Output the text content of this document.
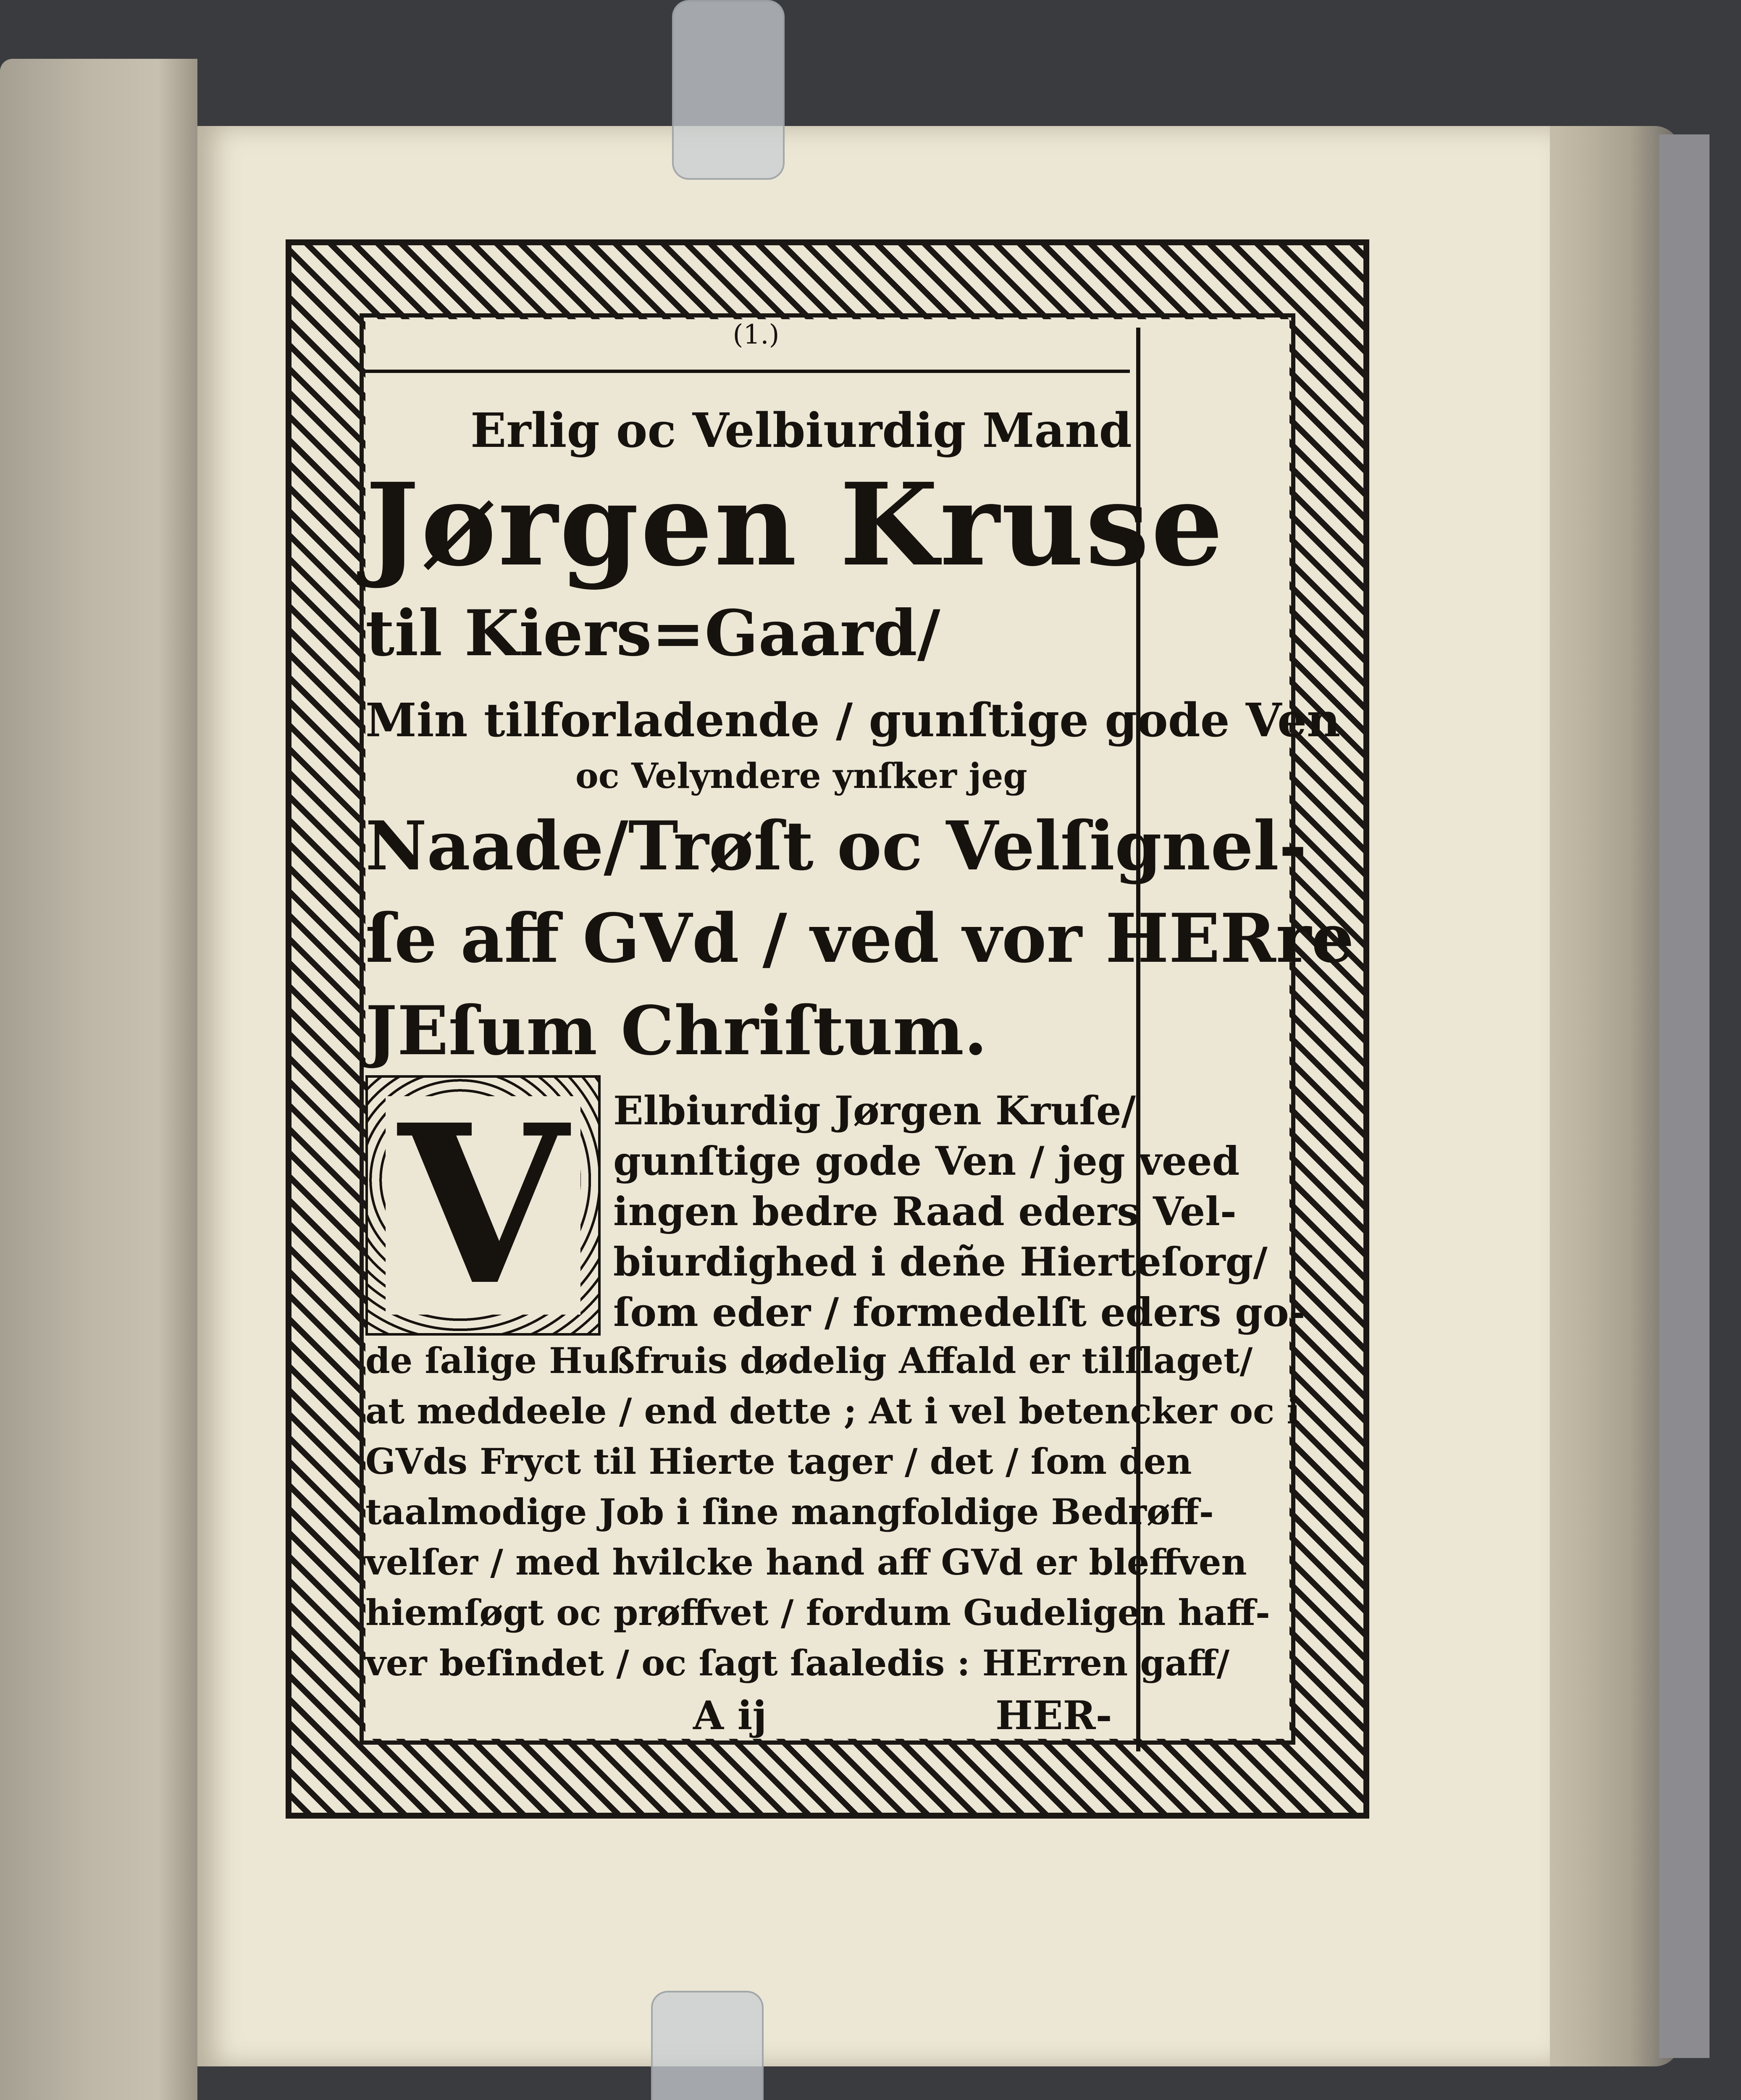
(1.)
Erlig oc Velbiurdig Mand
Jørgen Kruse
til Kiers=Gaard/
Min tilforladende / gunſtige gode Ven
oc Velyndere ynſker jeg
Naade/Trøſt oc Velſignel-
ſe aff GVd / ved vor HERre
JEſum Chriſtum.
V	Elbiurdig Jørgen Kruſe/
gunſtige gode Ven / jeg veed
ingen bedre Raad eders Vel-
biurdighed i deñe Hierteſorg/
ſom eder / formedelſt eders go-
de ſalige Hußfruis dødelig Affald er tilſlaget/
at meddeele / end dette ; At i vel betencker oc i
GVds Fryct til Hierte tager / det / ſom den
taalmodige Job i ſine mangfoldige Bedrøff-
velſer / med hvilcke hand aff GVd er bleffven
hiemſøgt oc prøffvet / fordum Gudeligen haff-
ver beſindet / oc ſagt ſaaledis : HErren gaff/
A ij	HER-
